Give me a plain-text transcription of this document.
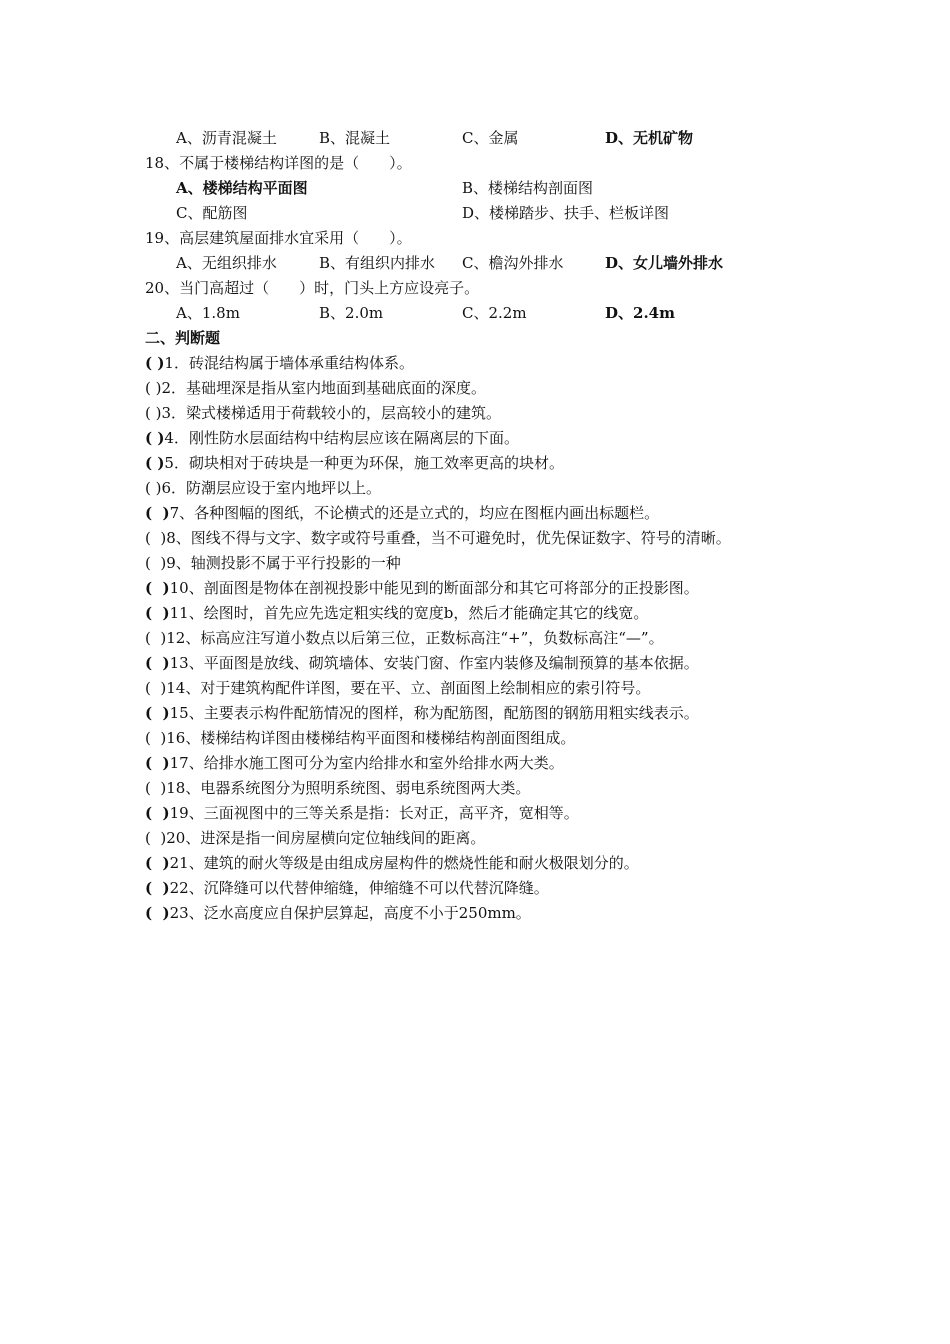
A、沥青混凝土	B、混凝土	C、金属	D、无机矿物
18、不属于楼梯结构详图的是（　　）。
A、楼梯结构平面图	B、楼梯结构剖面图
C、配筋图	D、楼梯踏步、扶手、栏板详图
19、高层建筑屋面排水宜采用（　　）。
A、无组织排水	B、有组织内排水 C、檐沟外排水	D、女儿墙外排水
20、当门高超过（　　）时，门头上方应设亮子。
A、1.8m	B、2.0m	C、2.2m	D、2.4m
二、判断题
( )1．砖混结构属于墙体承重结构体系。
( )2．基础埋深是指从室内地面到基础底面的深度。
( )3．梁式楼梯适用于荷载较小的，层高较小的建筑。
( )4．刚性防水层面结构中结构层应该在隔离层的下面。
( )5．砌块相对于砖块是一种更为环保，施工效率更高的块材。
( )6．防潮层应设于室内地坪以上。
(  )7、各种图幅的图纸，不论横式的还是立式的，均应在图框内画出标题栏。
(  )8、图线不得与文字、数字或符号重叠，当不可避免时，优先保证数字、符号的清晰。
(  )9、轴测投影不属于平行投影的一种
(  )10、剖面图是物体在剖视投影中能见到的断面部分和其它可将部分的正投影图。
(  )11、绘图时，首先应先选定粗实线的宽度b，然后才能确定其它的线宽。
(  )12、标高应注写道小数点以后第三位，正数标高注“+”，负数标高注“—”。
(  )13、平面图是放线、砌筑墙体、安装门窗、作室内装修及编制预算的基本依据。
(  )14、对于建筑构配件详图，要在平、立、剖面图上绘制相应的索引符号。
(  )15、主要表示构件配筋情况的图样，称为配筋图，配筋图的钢筋用粗实线表示。
(  )16、楼梯结构详图由楼梯结构平面图和楼梯结构剖面图组成。
(  )17、给排水施工图可分为室内给排水和室外给排水两大类。
(  )18、电器系统图分为照明系统图、弱电系统图两大类。
(  )19、三面视图中的三等关系是指：长对正，高平齐，宽相等。
(  )20、进深是指一间房屋横向定位轴线间的距离。
(  )21、建筑的耐火等级是由组成房屋构件的燃烧性能和耐火极限划分的。
(  )22、沉降缝可以代替伸缩缝，伸缩缝不可以代替沉降缝。
(  )23、泛水高度应自保护层算起，高度不小于250mm。
